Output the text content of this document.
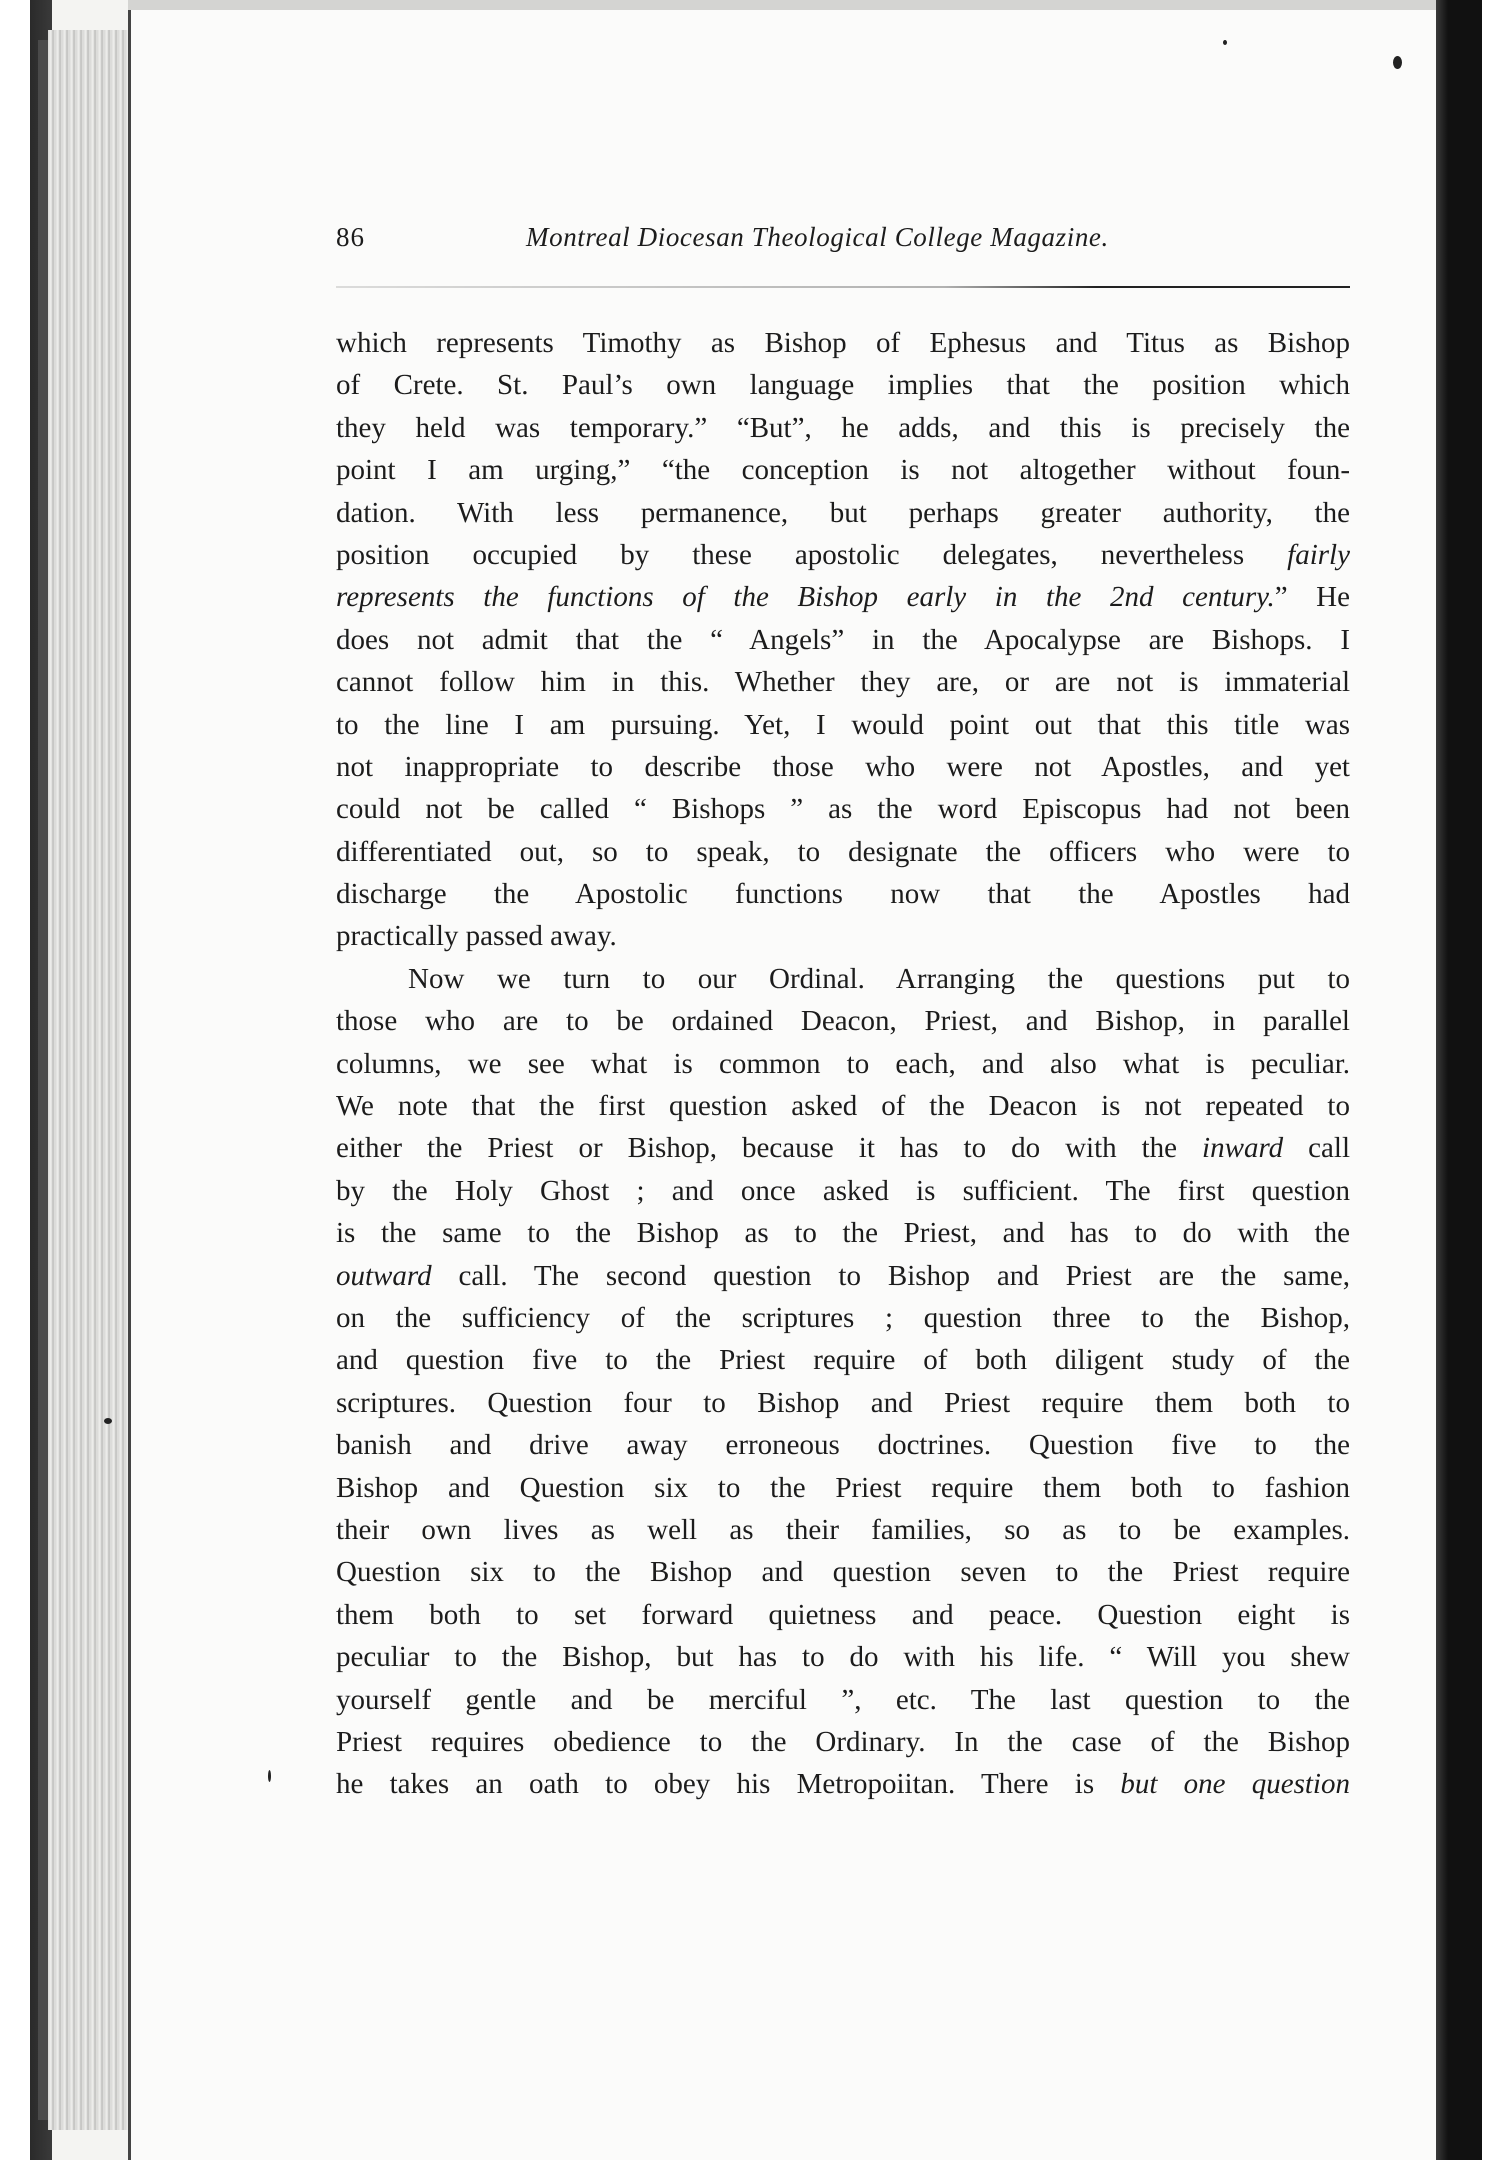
86	Montreal Diocesan Theological College Magazine.
which represents Timothy as Bishop of Ephesus and Titus as Bishop
of Crete. St. Paul’s own language implies that the position which
they held was temporary.” “But”, he adds, and this is precisely the
point I am urging,” “the conception is not altogether without foun-
dation. With less permanence, but perhaps greater authority, the
position occupied by these apostolic delegates, nevertheless fairly
represents the functions of the Bishop early in the 2nd century.” He
does not admit that the “ Angels” in the Apocalypse are Bishops. I
cannot follow him in this. Whether they are, or are not is immaterial
to the line I am pursuing. Yet, I would point out that this title was
not inappropriate to describe those who were not Apostles, and yet
could not be called “ Bishops ” as the word Episcopus had not been
differentiated out, so to speak, to designate the officers who were to
discharge the Apostolic functions now that the Apostles had
practically passed away.
Now we turn to our Ordinal. Arranging the questions put to
those who are to be ordained Deacon, Priest, and Bishop, in parallel
columns, we see what is common to each, and also what is peculiar.
We note that the first question asked of the Deacon is not repeated to
either the Priest or Bishop, because it has to do with the inward call
by the Holy Ghost ; and once asked is sufficient. The first question
is the same to the Bishop as to the Priest, and has to do with the
outward call. The second question to Bishop and Priest are the same,
on the sufficiency of the scriptures ; question three to the Bishop,
and question five to the Priest require of both diligent study of the
scriptures. Question four to Bishop and Priest require them both to
banish and drive away erroneous doctrines. Question five to the
Bishop and Question six to the Priest require them both to fashion
their own lives as well as their families, so as to be examples.
Question six to the Bishop and question seven to the Priest require
them both to set forward quietness and peace. Question eight is
peculiar to the Bishop, but has to do with his life. “ Will you shew
yourself gentle and be merciful ”, etc. The last question to the
Priest requires obedience to the Ordinary. In the case of the Bishop
he takes an oath to obey his Metropoiitan. There is but one question
